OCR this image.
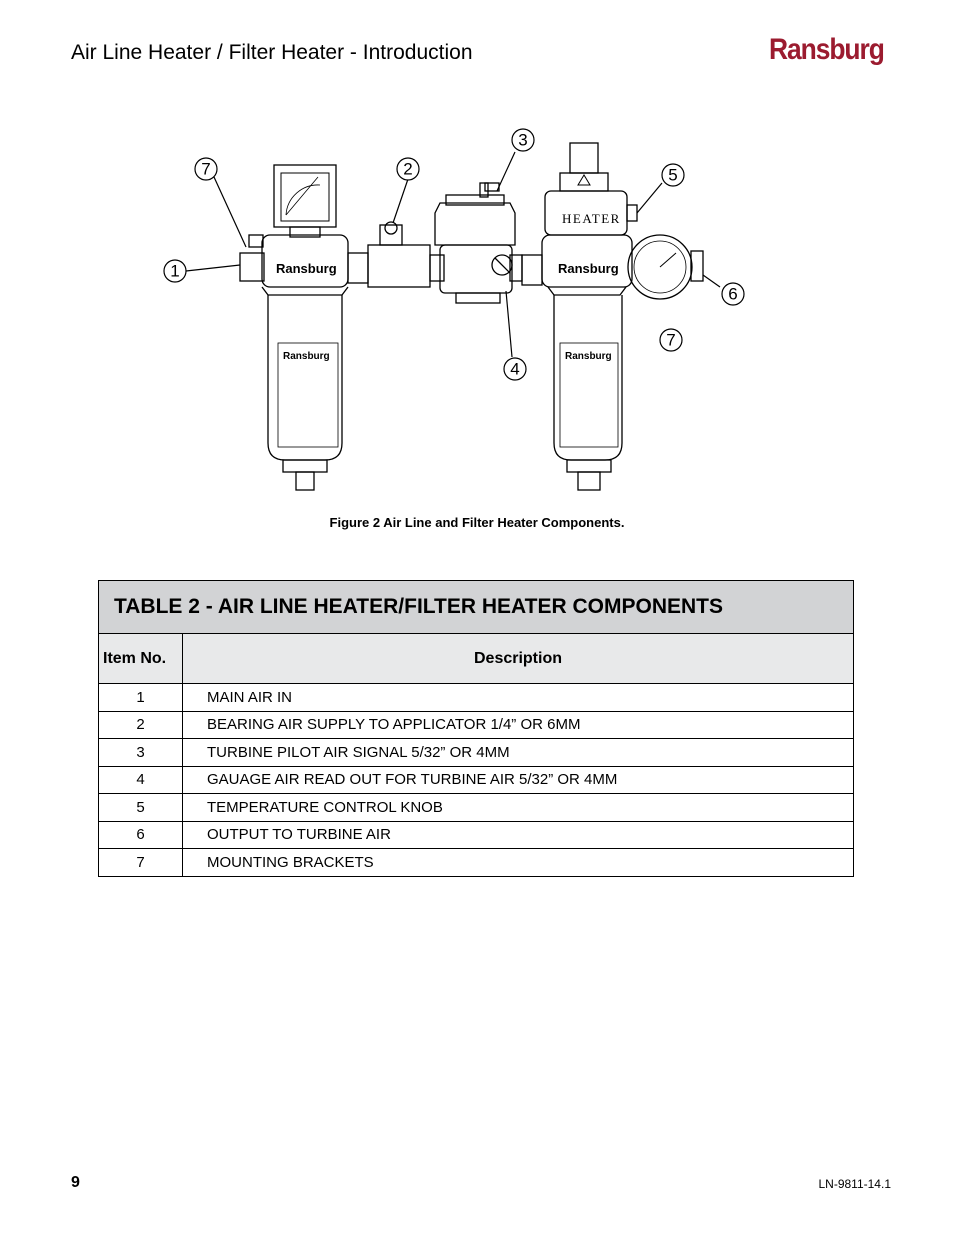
Air Line Heater / Filter Heater - Introduction	Ransburg
Ransburg	Ransburg
HEATER
Ransburg	Ransburg
7	2
3
5
1
6
7
4
Figure 2 Air Line and Filter Heater Components.
TABLE 2 - AIR LINE HEATER/FILTER HEATER COMPONENTS	
Item No.	Description
1	MAIN AIR IN
2	BEARING AIR SUPPLY TO APPLICATOR 1/4” OR 6MM
3	TURBINE PILOT AIR SIGNAL 5/32” OR 4MM
4	GAUAGE AIR READ OUT FOR TURBINE AIR 5/32” OR 4MM
5	TEMPERATURE CONTROL KNOB
6	OUTPUT TO TURBINE AIR
7	MOUNTING BRACKETS
9	LN-9811-14.1
